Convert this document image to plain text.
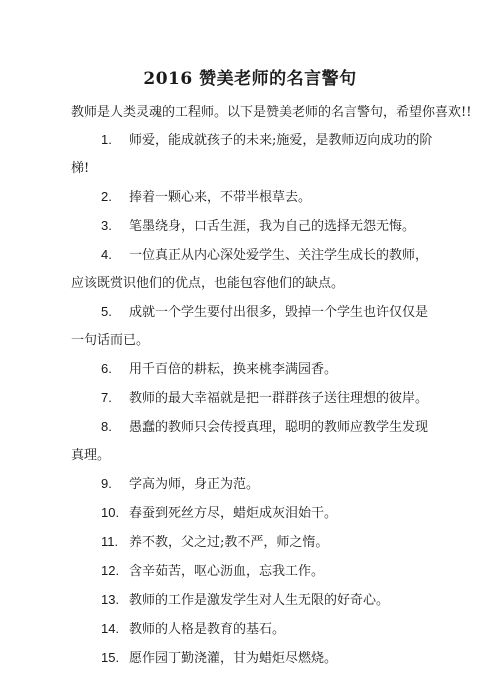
2016 赞美老师的名言警句
教师是人类灵魂的工程师。以下是赞美老师的名言警句，希望你喜欢!!
1. 师爱，能成就孩子的未来;施爱，是教师迈向成功的阶梯!
2. 捧着一颗心来，不带半根草去。
3. 笔墨绕身，口舌生涯，我为自己的选择无怨无悔。
4. 一位真正从内心深处爱学生、关注学生成长的教师，应该既赏识他们的优点，也能包容他们的缺点。
5. 成就一个学生要付出很多，毁掉一个学生也许仅仅是一句话而已。
6. 用千百倍的耕耘，换来桃李满园香。
7. 教师的最大幸福就是把一群群孩子送往理想的彼岸。
8. 愚蠢的教师只会传授真理，聪明的教师应教学生发现真理。
9. 学高为师，身正为范。
10. 春蚕到死丝方尽，蜡炬成灰泪始干。
11. 养不教，父之过;教不严，师之惰。
12. 含辛茹苦，呕心沥血，忘我工作。
13. 教师的工作是激发学生对人生无限的好奇心。
14. 教师的人格是教育的基石。
15. 愿作园丁勤浇灌，甘为蜡炬尽燃烧。
